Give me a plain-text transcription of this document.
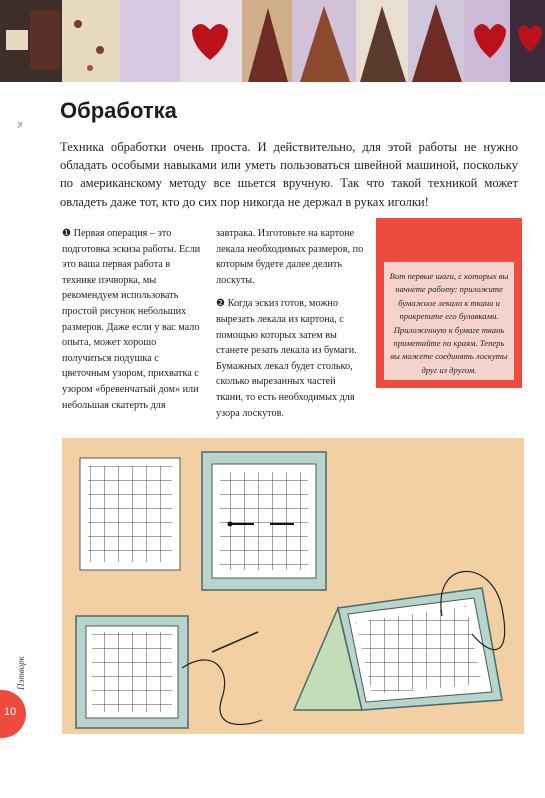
Обработка

Техника обработки очень проста. И действительно, для этой работы не нужно обладать особыми навыками или уметь пользоваться швейной машиной, поскольку по американскому методу все шьется вручную. Так что такой техникой может овладеть даже тот, кто до сих пор никогда не держал в руках иголки!

❶ Первая операция – это подготовка эскиза работы. Если это ваша первая работа в технике пэчворка, мы рекомендуем использовать простой рисунок небольших размеров. Даже если у вас мало опыта, может хорошо получиться подушка с цветочным узором, прихватка с узором «бревенчатый дом» или небольшая скатерть для

завтрака. Изготовьте на картоне лекала необходимых размеров, по которым будете далее делить лоскуты.

❷ Когда эскиз готов, можно вырезать лекала из картона, с помощью которых затем вы станете резать лекала из бумаги. Бумажных лекал будет столько, сколько вырезанных частей ткани, то есть необходимых для узора лоскутов.

Вот первые шаги, с которых вы начнете работу: приложите бумажное лекало к ткани и прикрепите его булавками. Приложенную к бумаге ткань приметайте по краям. Теперь вы можете соединять лоскуты друг из другом.

Пэтворк
10
